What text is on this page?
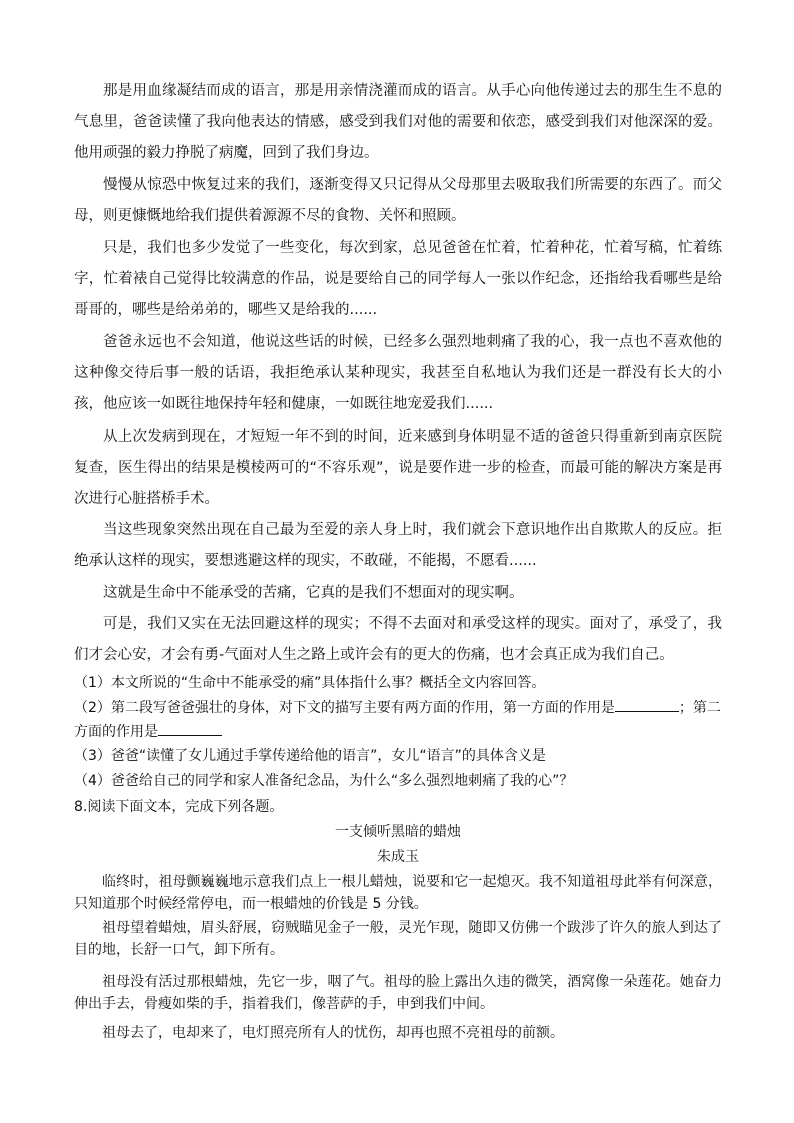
那是用血缘凝结而成的语言，那是用亲情浇灌而成的语言。从手心向他传递过去的那生生不息的气息里，爸爸读懂了我向他表达的情感，感受到我们对他的需要和依恋，感受到我们对他深深的爱。他用顽强的毅力挣脱了病魔，回到了我们身边。

慢慢从惊恐中恢复过来的我们，逐渐变得又只记得从父母那里去吸取我们所需要的东西了。而父母，则更慷慨地给我们提供着源源不尽的食物、关怀和照顾。

只是，我们也多少发觉了一些变化，每次到家，总见爸爸在忙着，忙着种花，忙着写稿，忙着练字，忙着裱自己觉得比较满意的作品，说是要给自己的同学每人一张以作纪念，还指给我看哪些是给哥哥的，哪些是给弟弟的，哪些又是给我的......

爸爸永远也不会知道，他说这些话的时候，已经多么强烈地刺痛了我的心，我一点也不喜欢他的这种像交待后事一般的话语，我拒绝承认某种现实，我甚至自私地认为我们还是一群没有长大的小孩，他应该一如既往地保持年轻和健康，一如既往地宠爱我们......

从上次发病到现在，才短短一年不到的时间，近来感到身体明显不适的爸爸只得重新到南京医院复查，医生得出的结果是模棱两可的“不容乐观”，说是要作进一步的检查，而最可能的解决方案是再次进行心脏搭桥手术。

当这些现象突然出现在自己最为至爱的亲人身上时，我们就会下意识地作出自欺欺人的反应。拒绝承认这样的现实，要想逃避这样的现实，不敢碰，不能揭，不愿看......

这就是生命中不能承受的苦痛，它真的是我们不想面对的现实啊。

可是，我们又实在无法回避这样的现实；不得不去面对和承受这样的现实。面对了，承受了，我们才会心安，才会有勇-气面对人生之路上或许会有的更大的伤痛，也才会真正成为我们自己。

（1）本文所说的“生命中不能承受的痛”具体指什么事？概括全文内容回答。

（2）第二段写爸爸强壮的身体，对下文的描写主要有两方面的作用，第一方面的作用是	；第二

方面的作用是

（3）爸爸“读懂了女儿通过手掌传递给他的语言”，女儿“语言”的具体含义是

（4）爸爸给自己的同学和家人准备纪念品，为什么“多么强烈地刺痛了我的心”？

8.阅读下面文本，完成下列各题。

一支倾听黑暗的蜡烛

朱成玉

临终时，祖母颤巍巍地示意我们点上一根儿蜡烛，说要和它一起熄灭。我不知道祖母此举有何深意，只知道那个时候经常停电，而一根蜡烛的价钱是 5 分钱。

祖母望着蜡烛，眉头舒展，窃贼瞄见金子一般，灵光乍现，随即又仿佛一个跋涉了许久的旅人到达了目的地，长舒一口气，卸下所有。

祖母没有活过那根蜡烛，先它一步，咽了气。祖母的脸上露出久违的微笑，酒窝像一朵莲花。她奋力伸出手去，骨瘦如柴的手，指着我们，像菩萨的手，申到我们中间。

祖母去了，电却来了，电灯照亮所有人的忧伤，却再也照不亮祖母的前额。
